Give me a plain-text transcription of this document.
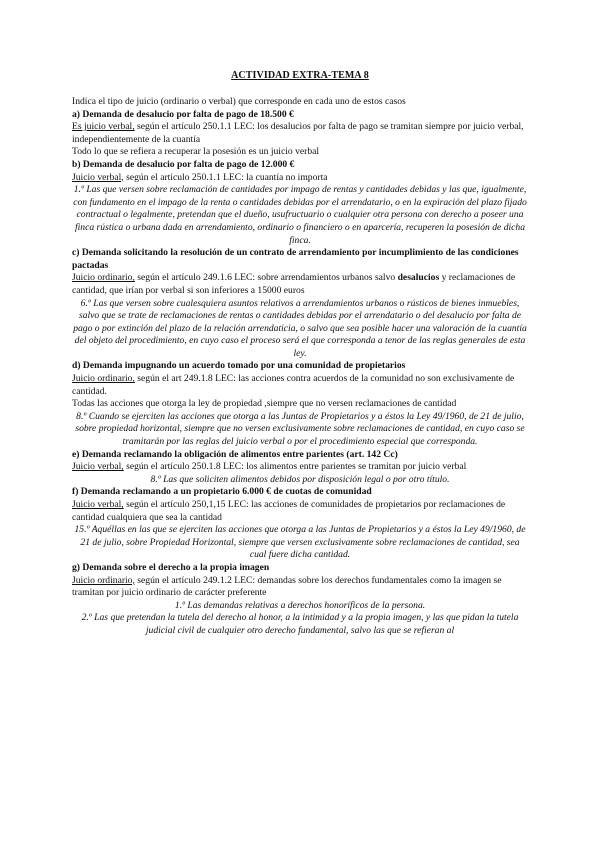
ACTIVIDAD EXTRA-TEMA 8

Indica el tipo de juicio (ordinario o verbal) que corresponde en cada uno de estos casos

a) Demanda de desalucio por falta de pago de 18.500 €

Es juicio verbal, según el artículo 250.1.1 LEC: los desalucios por falta de pago se tramitan siempre por juicio verbal, independientemente de la cuantía

Todo lo que se refiera a recuperar la posesión es un juicio verbal

b) Demanda de desalucio por falta de pago de 12.000 €

Juicio verbal, según el artículo 250.1.1 LEC: la cuantía no importa

1.º Las que versen sobre reclamación de cantidades por impago de rentas y cantidades debidas y las que, igualmente, con fundamento en el impago de la renta o cantidades debidas por el arrendatario, o en la expiración del plazo fijado contractual o legalmente, pretendan que el dueño, usufructuario o cualquier otra persona con derecho a poseer una finca rústica o urbana dada en arrendamiento, ordinario o financiero o en aparcería, recuperen la posesión de dicha finca.

c) Demanda solicitando la resolución de un contrato de arrendamiento por incumplimiento de las condiciones pactadas

Juicio ordinario, según el artículo 249.1.6 LEC: sobre arrendamientos urbanos salvo desalucios y reclamaciones de cantidad, que irían por verbal si son inferiores a 15000 euros

6.º Las que versen sobre cualesquiera asuntos relativos a arrendamientos urbanos o rústicos de bienes inmuebles, salvo que se trate de reclamaciones de rentas o cantidades debidas por el arrendatario o del desalucio por falta de pago o por extinción del plazo de la relación arrendaticia, o salvo que sea posible hacer una valoración de la cuantía del objeto del procedimiento, en cuyo caso el proceso será el que corresponda a tenor de las reglas generales de esta ley.

d) Demanda impugnando un acuerdo tomado por una comunidad de propietarios

Juicio ordinario, según el art 249.1.8 LEC: las acciones contra acuerdos de la comunidad no son exclusivamente de cantidad.

Todas las acciones que otorga la ley de propiedad ,siempre que no versen reclamaciones de cantidad

8.º Cuando se ejerciten las acciones que otorga a las Juntas de Propietarios y a éstos la Ley 49/1960, de 21 de julio, sobre propiedad horizontal, siempre que no versen exclusivamente sobre reclamaciones de cantidad, en cuyo caso se tramitarán por las reglas del juicio verbal o por el procedimiento especial que corresponda.

e) Demanda reclamando la obligación de alimentos entre parientes (art. 142 Cc)

Juicio verbal, según el artículo 250.1.8 LEC: los alimentos entre parientes se tramitan por juicio verbal

8.º Las que soliciten alimentos debidos por disposición legal o por otro título.

f) Demanda reclamando a un propietario 6.000 € de cuotas de comunidad

Juicio verbal, según el artículo 250,1,15 LEC: las acciones de comunidades de propietarios por reclamaciones de cantidad cualquiera que sea la cantidad

15.º Aquéllas en las que se ejerciten las acciones que otorga a las Juntas de Propietarios y a éstos la Ley 49/1960, de 21 de julio, sobre Propiedad Horizontal, siempre que versen exclusivamente sobre reclamaciones de cantidad, sea cual fuere dicha cantidad.

g) Demanda sobre el derecho a la propia imagen

Juicio ordinario, según el artículo 249.1.2 LEC: demandas sobre los derechos fundamentales como la imagen se tramitan por juicio ordinario de carácter preferente

1.º Las demandas relativas a derechos honoríficos de la persona.

2.º Las que pretendan la tutela del derecho al honor, a la intimidad y a la propia imagen, y las que pidan la tutela judicial civil de cualquier otro derecho fundamental, salvo las que se refieran al
